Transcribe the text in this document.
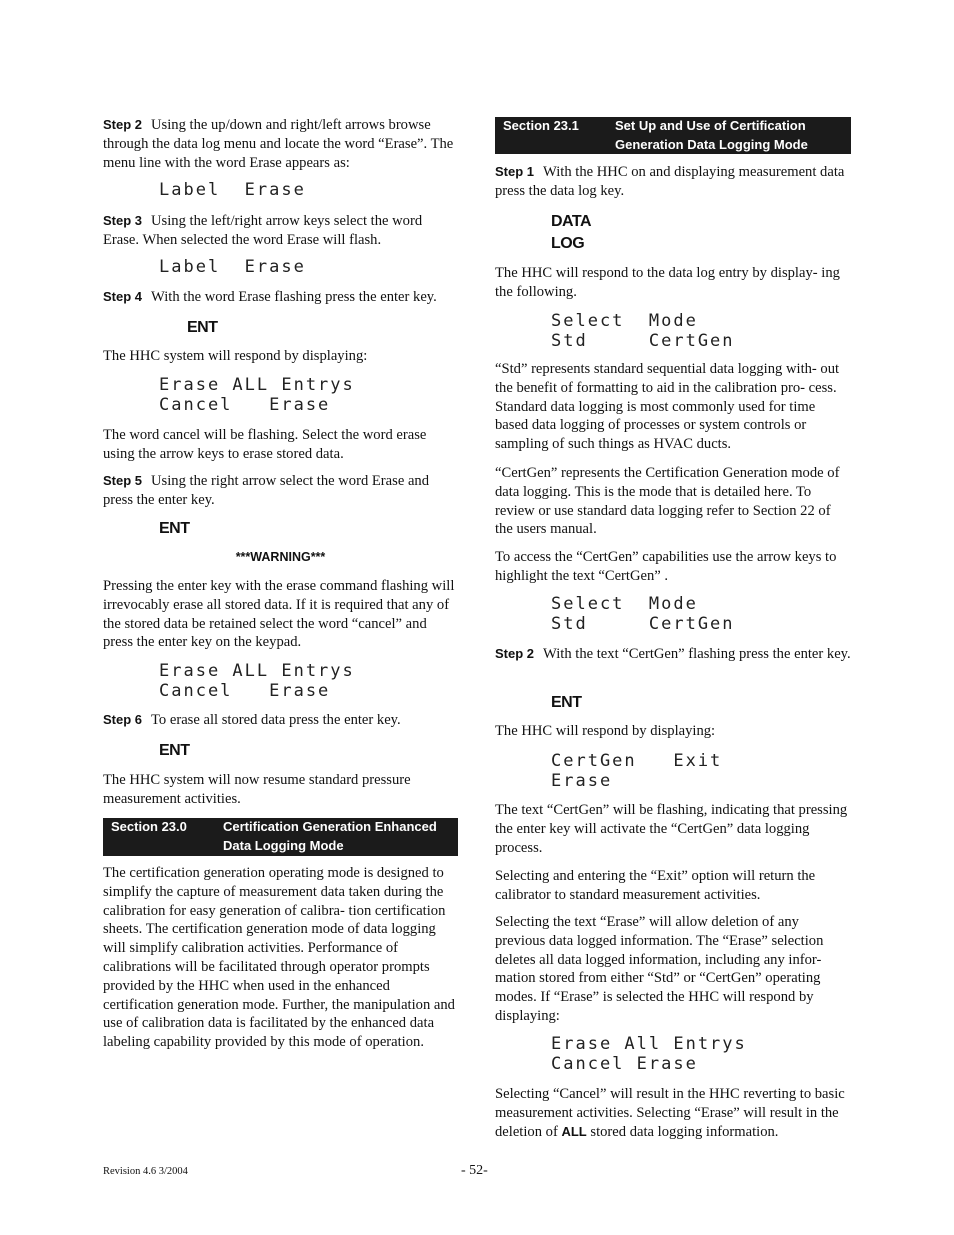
Step 2 Using the up/down and right/left arrows browse through the data log menu and locate the word “Erase”. The menu line with the word Erase appears as:

Label  Erase

Step 3 Using the left/right arrow keys select the word Erase. When selected the word Erase will flash.

Label  Erase

Step 4 With the word Erase flashing press the enter key.

ENT

The HHC system will respond by displaying:

Erase ALL Entrys

Cancel   Erase

The word cancel will be flashing. Select the word erase using the arrow keys to erase stored data.

Step 5 Using the right arrow select the word Erase and press the enter key.

ENT

***WARNING***

Pressing the enter key with the erase command flashing will irrevocably erase all stored data. If it is required that any of the stored data be retained select the word “cancel” and press the enter key on the keypad.

Erase ALL Entrys

Cancel   Erase

Step 6 To erase all stored data press the enter key.

ENT

The HHC system will now resume standard pressure measurement activities.

Section 23.0	Certification Generation Enhanced Data Logging Mode

The certification generation operating mode is designed to simplify the capture of measurement data taken during the calibration for easy generation of calibra- tion certification sheets. The certification generation mode of data logging will simplify calibration activities. Performance of calibrations will be facilitated through operator prompts provided by the HHC when used in the enhanced certification generation mode. Further, the manipulation and use of calibration data is facilitated by the enhanced data labeling capability provided by this mode of operation.

Section 23.1	Set Up and Use of Certification Generation Data Logging Mode

Step 1 With the HHC on and displaying measurement data press the data log key.

DATA

LOG

The HHC will respond to the data log entry by display- ing the following.

Select  Mode

Std     CertGen

“Std” represents standard sequential data logging with- out the benefit of formatting to aid in the calibration pro- cess. Standard data logging is most commonly used for time based data logging of processes or system controls or sampling of such things as HVAC ducts.

“CertGen” represents the Certification Generation mode of data logging. This is the mode that is detailed here. To review or use standard data logging refer to Section 22 of the users manual.

To access the “CertGen” capabilities use the arrow keys to highlight the text “CertGen” .

Select  Mode

Std     CertGen

Step 2 With the text “CertGen” flashing press the enter key.

ENT

The HHC will respond by displaying:

CertGen   Exit

Erase

The text “CertGen” will be flashing, indicating that pressing the enter key will activate the “CertGen” data logging process.

Selecting and entering the “Exit” option will return the calibrator to standard measurement activities.

Selecting the text “Erase” will allow deletion of any previous data logged information. The “Erase” selection deletes all data logged information, including any infor- mation stored from either “Std” or “CertGen” operating modes. If “Erase” is selected the HHC will respond by displaying:

Erase All Entrys

Cancel Erase

Selecting “Cancel” will result in the HHC reverting to basic measurement activities. Selecting “Erase” will result in the deletion of ALL stored data logging information.

Revision 4.6 3/2004	- 52-
